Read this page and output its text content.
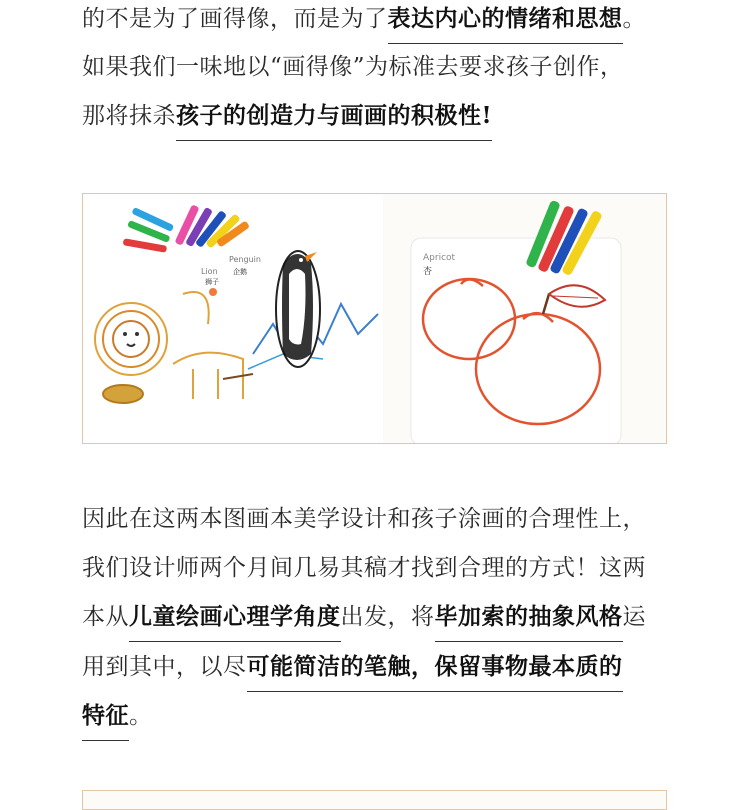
的不是为了画得像，而是为了表达内心的情绪和思想。
如果我们一味地以“画得像”为标准去要求孩子创作，
那将抹杀孩子的创造力与画画的积极性!
Lion
狮子
Penguin
企鹅
Apricot
杏
因此在这两本图画本美学设计和孩子涂画的合理性上，
我们设计师两个月间几易其稿才找到合理的方式！这两
本从儿童绘画心理学角度出发，将毕加索的抽象风格运
用到其中，以尽可能简洁的笔触，保留事物最本质的
特征。
